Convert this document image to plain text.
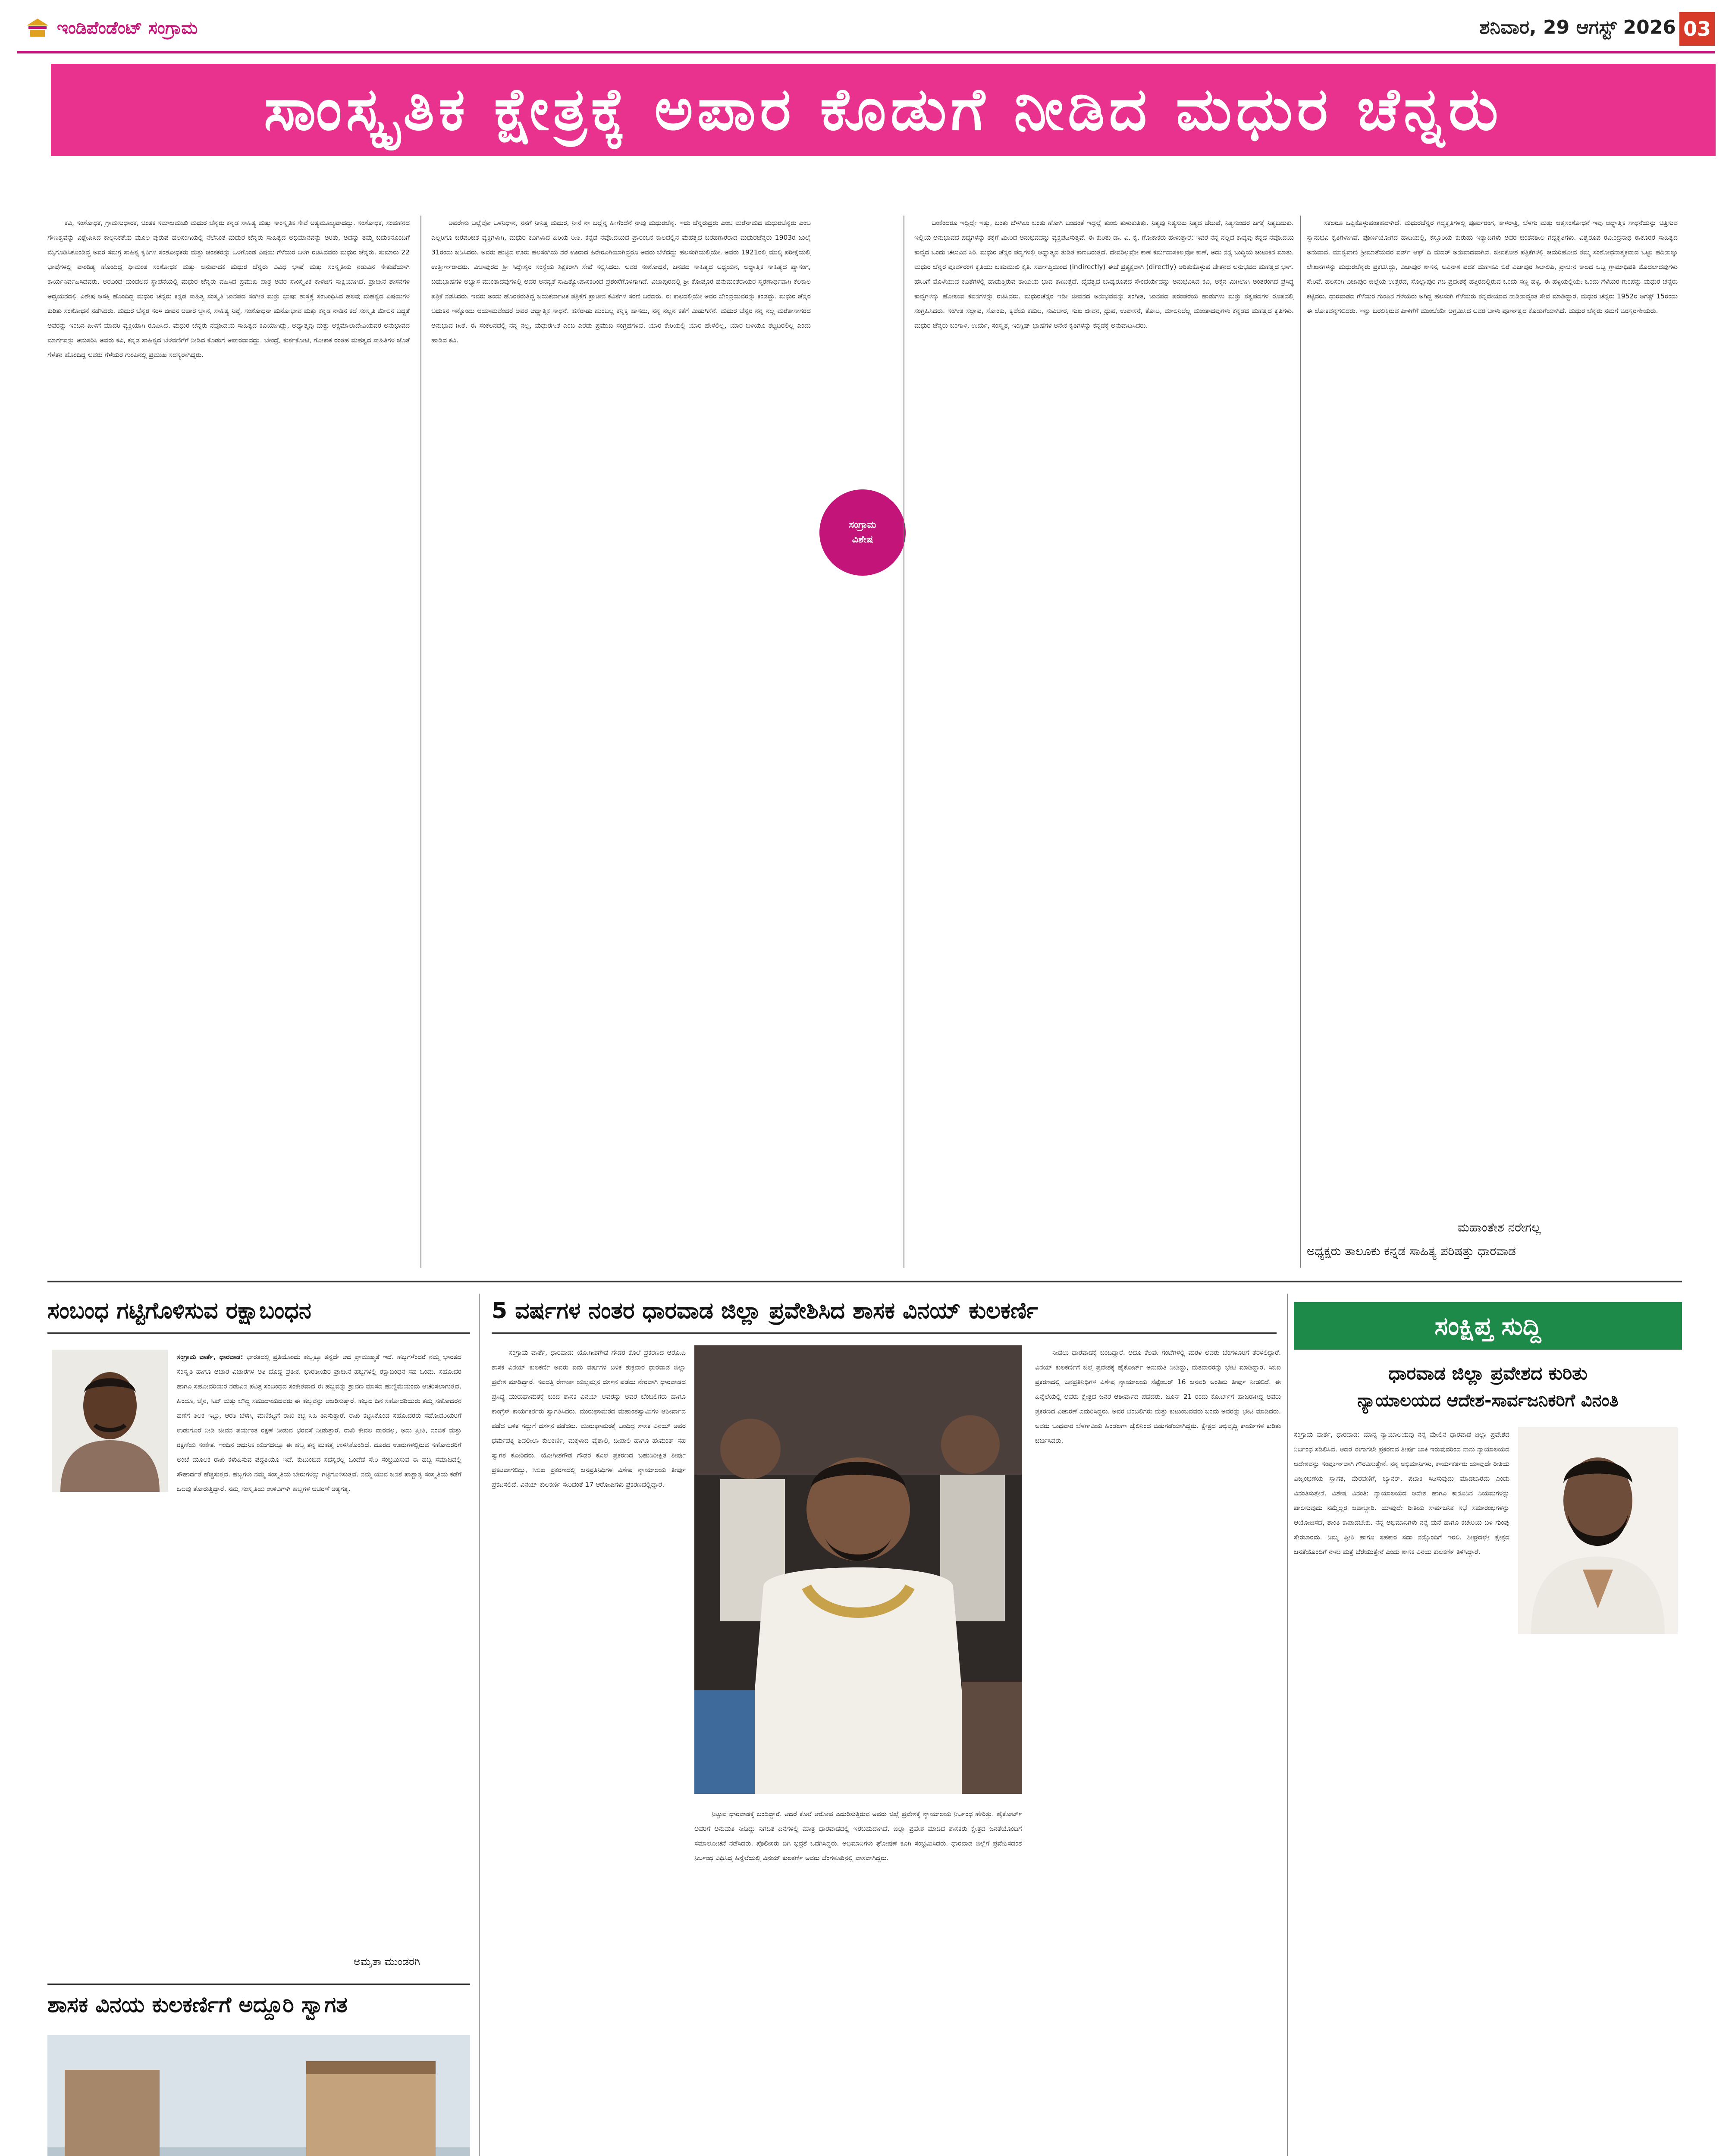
ಇಂಡಿಪೆಂಡೆಂಟ್ ಸಂಗ್ರಾಮ	ಶನಿವಾರ, 29 ಆಗಸ್ಟ್ 2026 03
ಸಾಂಸ್ಕೃತಿಕ ಕ್ಷೇತ್ರಕ್ಕೆ ಅಪಾರ ಕೊಡುಗೆ ನೀಡಿದ ಮಧುರ ಚೆನ್ನರು

ಕವಿ, ಸಂಶೋಧಕ, ಗ್ರಾಮಸುಧಾರಕ, ಚಿಂತಕ ಸಮಾಜಮುಖಿ ಮಧುರ ಚೆನ್ನರು ಕನ್ನಡ ಸಾಹಿತ್ಯ ಮತ್ತು ಸಾಂಸ್ಕೃತಿಕ ಸೇವೆ ಅತ್ಯಮೂಲ್ಯವಾದದ್ದು. ಸಂಶೋಧಕ, ಸಂವಹನದ ಗೌಣತ್ವವನ್ನು ವಿಶ್ಲೇಷಿಸಿದ ಕಾಲ್ಪನಿಕತೆಯ ಮೂಲ ಪುರುಷ ಹಲಸಂಗಿಯಲ್ಲಿ ನೆಲೆನಿಂತ ಮಧುರ ಚೆನ್ನರು ಸಾಹಿತ್ಯದ ಅಭಿಮಾನವನ್ನು ಅರಿತು, ಅದನ್ನು ತಮ್ಮ ಬದುಕಿನೊಂದಿಗೆ ಮೈಗೂಡಿಸಿಕೊಂಡಿದ್ದ ಅವರ ಸಮಗ್ರ ಸಾಹಿತ್ಯ ಕೃತಿಗಳ ಸಂಶೋಧಕರು ಮತ್ತು ಚಿಂತಕರನ್ನು ಒಳಗೊಂಡ ವಿಷಯ ಗೆಳೆಯರ ಬಳಗ ರಚಿಸಿದವರು ಮಧುರ ಚೆನ್ನರು. ಸುಮಾರು 22 ಭಾಷೆಗಳಲ್ಲಿ ಪಾಂಡಿತ್ಯ ಹೊಂದಿದ್ದ ಧೀಮಂತ ಸಂಶೋಧಕ ಮತ್ತು ಅನುವಾದಕ ಮಧುರ ಚೆನ್ನರು ವಿವಿಧ ಭಾಷೆ ಮತ್ತು ಸಂಸ್ಕೃತಿಯ ನಡುವಿನ ಸೇತುವೆಯಾಗಿ ಕಾರ್ಯನಿರ್ವಹಿಸಿದವರು. ಅರವಿಂದ ಮಂಡಲದ ಸ್ಥಾಪನೆಯಲ್ಲಿ ಮಧುರ ಚೆನ್ನರು ವಹಿಸಿದ ಪ್ರಮುಖ ಪಾತ್ರ ಅವರ ಸಾಂಸ್ಕೃತಿಕ ಕಾಳಜಿಗೆ ಸಾಕ್ಷಿಯಾಗಿದೆ. ಪ್ರಾಚೀನ ಶಾಸನಗಳ ಅಧ್ಯಯನದಲ್ಲಿ ವಿಶೇಷ ಆಸಕ್ತಿ ಹೊಂದಿದ್ದ ಮಧುರ ಚೆನ್ನರು ಕನ್ನಡ ಸಾಹಿತ್ಯ ಸಂಸ್ಕೃತಿ ಜಾನಪದ ಸಂಗೀತ ಮತ್ತು ಭಾಷಾ ಶಾಸ್ತ್ರಕ್ಕೆ ಸಂಬಂಧಿಸಿದ ಹಲವು ಮಹತ್ವದ ವಿಷಯಗಳ ಕುರಿತು ಸಂಶೋಧನೆ ನಡೆಸಿದರು. ಮಧುರ ಚೆನ್ನರ ಸರಳ ಜೀವನ ಅಪಾರ ಜ್ಞಾನ, ಸಾಹಿತ್ಯ ನಿಷ್ಠೆ, ಸಂಶೋಧನಾ ಮನೋಭಾವ ಮತ್ತು ಕನ್ನಡ ನಾಡಿನ ಕಲೆ ಸಂಸ್ಕೃತಿ ಮೇಲಿನ ಬದ್ಧತೆ ಅವರನ್ನು ಇಂದಿನ ಪೀಳಿಗೆ ಮಾದರಿ ವ್ಯಕ್ತಿಯಾಗಿ ರೂಪಿಸಿದೆ. ಮಧುರ ಚೆನ್ನರು ನವೋದಯ ಸಾಹಿತ್ಯದ ಕವಿಯಾಗಿದ್ದು, ಅಧ್ಯಾತ್ಮವು ಮತ್ತು ಅಕ್ಷಮಾಲಾದೇವಿಯವರ ಅನುಭಾವದ ಮಾರ್ಗವನ್ನು ಅನುಸರಿಸಿ ಅವರು ಕವಿ, ಕನ್ನಡ ಸಾಹಿತ್ಯದ ಬೆಳವಣಿಗೆಗೆ ನೀಡಿದ ಕೊಡುಗೆ ಅಪಾರವಾದದ್ದು. ಬೇಂದ್ರೆ, ಕುರ್ತಕೋಟಿ, ಗೋಕಾಕ ರಂತಹ ಮಹತ್ವದ ಸಾಹಿತಿಗಳ ಜೊತೆ ಗೆಳೆತನ ಹೊಂದಿದ್ದ ಅವರು ಗೆಳೆಯರ ಗುಂಪಿನಲ್ಲಿ ಪ್ರಮುಖ ಸದಸ್ಯರಾಗಿದ್ದರು.

ಅವರೇನು ಬಲ್ಲೆವೋ ಒಳನಿಧಾನ, ನನಗೆ ನೀನಿತ್ತ ಮಧುರ, ನೀನೆ ನಾ ಬಲ್ಲೆನ್ನ ಹೀಗೆಂದೆನೆ ನಾವು ಮಧುರಚೆನ್ನ. ಇದು ಚೆನ್ನರುದ್ರರು ಎಂಬ ಮರೆನಾಮದ ಮಧುರಚೆನ್ನರು ಎಂಬ ಎಲ್ಲರಿಗೂ ಚಿರಪರಿಚಿತ ವ್ಯಕ್ತಿಗಳಾಗಿ, ಮಧುರ ಕವಿಗಳಾದ ಹಿರಿಯ ರೀತಿ. ಕನ್ನಡ ನವೋದಯದ ಪ್ರಾರಂಭಿಕ ಕಾಲದಲ್ಲಿನ ಮಹತ್ವದ ಬರಹಗಾರರಾದ ಮಧುರಚೆನ್ನರು 1903ರ ಜುಲೈ 31ರಂದು ಜನಿಸಿದರು. ಅವರು ಹುಟ್ಟಿದ ಊರು ಹಲಸಂಗಿಯ ನೆರೆ ಊರಾದ ಹಿರೇರೂಗಿಯಾಗಿದ್ದರೂ ಅವರು ಬೆಳೆದದ್ದು ಹಲಸಂಗಿಯಲ್ಲಿಯೇ. ಅವರು 1921ರಲ್ಲಿ ಮುಲ್ಕಿ ಪರೀಕ್ಷೆಯಲ್ಲಿ ಉತ್ತೀರ್ಣರಾದರು. ವಿಜಾಪುರದ ಶ್ರೀ ಸಿದ್ದೇಶ್ವರ ಸಂಸ್ಥೆಯ ಶಿಕ್ಷಕರಾಗಿ ಸೇವೆ ಸಲ್ಲಿಸಿದರು. ಅವರ ಸಂಶೋಧನೆ, ಜನಪದ ಸಾಹಿತ್ಯದ ಅಧ್ಯಯನ, ಅಧ್ಯಾತ್ಮಿಕ ಸಾಹಿತ್ಯದ ವ್ಯಾಸಂಗ, ಬಹುಭಾಷೆಗಳ ಅಭ್ಯಾಸ ಮುಂತಾದವುಗಳಲ್ಲಿ ಅವರ ಅನನ್ಯತೆ ಸಾಹಿತ್ಯೋಪಾಸಕರಿಂದ ಪ್ರಶಂಸೆಗೊಳಗಾಗಿದೆ. ವಿಜಾಪುರದಲ್ಲಿ ಶ್ರೀ ಕೋಷ್ಠೂರ ಹನುಮಂತರಾಯರ ಸ್ಮರಣಾರ್ಥವಾಗಿ ಕೆಲಕಾಲ ಪತ್ರಿಕೆ ನಡೆಸಿದರು. ಇವರು ಅಂದು ಹೊರತರುತ್ತಿದ್ದ ಜಯಕರ್ನಾಟಕ ಪತ್ರಿಕೆಗೆ ಪ್ರಾಚೀನ ಕವಿತೆಗಳ ಸರಣಿ ಬರೆದರು. ಈ ಕಾಲದಲ್ಲಿಯೇ ಅವರ ಬೇಂದ್ರೆಯವರನ್ನು ಕಂಡದ್ದು. ಮಧುರ ಚೆನ್ನರ ಬದುಕಿನ ಇನ್ನೊಂದು ಆಯಾಮವೆಂದರೆ ಅವರ ಆಧ್ಯಾತ್ಮಿಕ ಸಾಧನೆ. ಹಸೆರಾಡು ಹುಂಬಲ್ಲ ಕನ್ನಿಕ್ಕ ಹಾಸದು, ನನ್ನ ನಲ್ಲನ ಕತೆಗೆ ಮಿಡುಗಿಸೆನೆ. ಮಧುರ ಚೆನ್ನರ ನನ್ನ ನಲ್ಲ ಮರೆತಾಸಾಗರದ ಅನುಭಾವ ಗೀತೆ. ಈ ಸಂಕಲನದಲ್ಲಿ ನನ್ನ ನಲ್ಲ, ಮಧುರಗೀತ ಎಂಬ ಎರಡು ಪ್ರಮುಖ ಸಂಗ್ರಹಗಳಿವೆ. ಯಾರ ಕೇರಿಯಲ್ಲಿ ಯಾರ ಹೇಳಲಿಲ್ಲ, ಯಾರ ಬಳಿಯೂ ತಟ್ಟದಿರಲಿಲ್ಲ ಎಂದು ಹಾಡಿದ ಕವಿ.

ಬಂಕೆಂದರೂ ಇದ್ದಿದ್ದೇ ಇತ್ತು, ಬಂತು ಬೆಳಗಿಲು ಬಂತು ಹೋಗಿ ಬಂದಂತೆ ಇದ್ದಲ್ಲೆ ತುಂಬಿ ತುಳುಕುತಿತ್ತು. ನಿತ್ಯವು ನಿತ್ಯಸುಖ ನಿತ್ಯದ ಚೆಲುವೆ, ನಿತ್ಯಸುಂದರ ಜಗಕ್ಕೆ ನಿತ್ಯಬದುಕು. ಇಲ್ಲಿಯ ಅನುಭಾವದ ಪದ್ಯಗಳನ್ನು ತಕ್ಕೆಗೆ ಮೀರಿದ ಅನುಭವವನ್ನು ವ್ಯಕ್ತಪಡಿಸುತ್ತವೆ. ಈ ಕುರಿತು ಡಾ. ವಿ. ಕೃ. ಗೋಕಾಕರು ಹೇಳುತ್ತಾರೆ: ಇವರ ನನ್ನ ನಲ್ಲದ ಕಾವ್ಯವು ಕನ್ನಡ ನವೋದಯ ಕಾವ್ಯದ ಒಂದು ಚೆಲುವಿನ ಸಿರಿ. ಮಧುರ ಚೆನ್ನರ ಪದ್ಯಗಳಲ್ಲಿ ಆಧ್ಯಾತ್ಮದ ತುಡಿತ ಕಾಣಬರುತ್ತದೆ. ದೇವರಿಲ್ಲವೋ ಕಾಣೆ ಕರ್ಮದಾಸಕಿಲ್ಲವೋ ಕಾಣೆ, ಅದು ನನ್ನ ಬುದ್ಧಿಯ ಚುಟುಕಿನ ಮಾತು. ಮಧುರ ಚೆನ್ನರ ಪೂರ್ವರಂಗ ಕೃತಿಯು ಬಹುಮುಖಿ ಕೃತಿ. ಸರ್ವಾಪ್ತಿಯಿಂದ (indirectly) ಈಚೆ ಪ್ರತ್ಯಕ್ಷವಾಗಿ (directly) ಅರಿತುಕೊಳ್ಳುವ ಚೇತನದ ಅನುಭವದ ಮಹತ್ವದ ಭಾಗ. ಹಸಿರಿಗೆ ಮೊಳೆಯುವ ಕವಿತೆಗಳಲ್ಲಿ ಹಾಡುತ್ತಿರುವ ತಾಯಿಯ ಭಾವ ಕಾಣುತ್ತದೆ. ದೈವತ್ವದ ಬಾಹ್ಯರೂಪದ ಸೌಂದರ್ಯವನ್ನು ಅನುಭವಿಸಿದ ಕವಿ, ಅಕ್ಕನ ಮಿಗಿಲಾಗಿ ಅಂತರಂಗದ ಪ್ರಸಿದ್ಧ ಕಾವ್ಯಗಳನ್ನು ಹೋಲುವ ಕವನಗಳನ್ನು ರಚಿಸಿದರು. ಮಧುರಚೆನ್ನರ ಇಡೀ ಜೀವನದ ಅನುಭವವನ್ನು ಸಂಗೀತ, ಜಾನಪದ ಪರಂಪರೆಯ ಹಾಡುಗಳು ಮತ್ತು ತತ್ವಪದಗಳ ರೂಪದಲ್ಲಿ ಸಂಗ್ರಹಿಸಿದರು. ಸಂಗೀತ ಸಲ್ಲಾಪ, ಸೋಂಕು, ಕೃಪೆಯ ಕಮಲ, ಸುವಿಚಾರ, ಸುಖ ಜೀವನ, ಧ್ರುವ, ಉಪಾಸನೆ, ತೋಟ, ಮಾಲಿನಿಲೆಲ್ಲ ಮುಂತಾದವುಗಳು ಕನ್ನಡದ ಮಹತ್ವದ ಕೃತಿಗಳು. ಮಧುರ ಚೆನ್ನರು ಬಂಗಾಳಿ, ಉರ್ದು, ಸಂಸ್ಕೃತ, ಇಂಗ್ಲಿಷ್ ಭಾಷೆಗಳ ಅನೇಕ ಕೃತಿಗಳನ್ನು ಕನ್ನಡಕ್ಕೆ ಅನುವಾದಿಸಿದರು.

ಸಕಲರೂ ಒಪ್ಪಿಕೊಳ್ಳುವಂತಹದಾಗಿದೆ. ಮಧುರಚೆನ್ನರ ಗದ್ಯಕೃತಿಗಳಲ್ಲಿ ಪೂರ್ವರಂಗ, ಕಾಳರಾತ್ರಿ, ಬೆಳಗು ಮತ್ತು ಆತ್ಮಸಂಶೋಧನೆ ಇವು ಆಧ್ಯಾತ್ಮಿಕ ಸಾಧನೆಯನ್ನು ಚಿತ್ರಿಸುವ ಸ್ವಾನುಭವಿ ಕೃತಿಗಳಾಗಿವೆ. ಪೂರ್ಣಯೋಗದ ಹಾದಿಯಲ್ಲಿ, ಕಸ್ತೂರಿಯ ಕುರುಹು ಇತ್ಯಾದಿಗಳು ಅವರ ಚಿಂತನಶೀಲ ಗದ್ಯಕೃತಿಗಳು. ವಿಶ್ವರೂಪ ರವೀಂದ್ರನಾಥ ಠಾಕೂರರ ಸಾಹಿತ್ಯದ ಅನುವಾದ. ಮಾತೃವಾಣಿ ಶ್ರೀಮಾತೆಯವರ ವರ್ಡ್ ಆಫ್ ದಿ ಮದರ್ ಅನುವಾದವಾಗಿದೆ. ಜೀವಕೋಶ ಪತ್ರಿಕೆಗಳಲ್ಲಿ ಚದುರಿಹೋದ ತಮ್ಮ ಸಂಶೋಧನಾತ್ಮಕವಾದ ಒಟ್ಟು ಹದಿನಾಲ್ಕು ಲೇಖನಗಳನ್ನು ಮಧುರಚೆನ್ನರು ಪ್ರಕಟಿಸಿದ್ದು, ವಿಜಾಪುರ ಶಾಸನ, ಅವಿನಾಶ ಪದಕ ಮಹಾಕವಿ ಬಿರೆ ವಿಜಾಪುರ ಶಿಲಾಲಿಪಿ, ಪ್ರಾಚೀನ ಕಾಲದ ಒಬ್ಬ ಗ್ರಾಮಾಧಿಪತಿ ಮೊದಲಾದವುಗಳು ಸೇರಿವೆ. ಹಲಸಂಗಿ ವಿಜಾಪುರ ಜಿಲ್ಲೆಯ ಉತ್ತರದ, ಸೊಲ್ಲಾಪುರ ಗಡಿ ಪ್ರದೇಶಕ್ಕೆ ಹತ್ತಿರದಲ್ಲಿರುವ ಒಂದು ಸಣ್ಣ ಹಳ್ಳಿ. ಈ ಹಳ್ಳಿಯಲ್ಲಿಯೇ ಒಂದು ಗೆಳೆಯರ ಗುಂಪನ್ನು ಮಧುರ ಚೆನ್ನರು ಕಟ್ಟಿದರು. ಧಾರವಾಡದ ಗೆಳೆಯರ ಗುಂಪಿನ ಗೆಳೆಯರು ಅಗಿದ್ದ ಹಲಸಂಗಿ ಗೆಳೆಯರು ತನ್ನದೇಯಾದ ನಾಡಿನಾದ್ಯಂತ ಸೇವೆ ಮಾಡಿದ್ದಾರೆ. ಮಧುರ ಚೆನ್ನರು 1952ರ ಆಗಸ್ಟ್ 15ರಂದು ಈ ಲೋಕವನ್ನಗಲಿದರು. ಇನ್ನು ಬರಲಿಕ್ಕಿರುವ ಪೀಳಿಗೆಗೆ ಮುಂಚೆಯೇ ಅಗ್ರಮಿಸಿದ ಅವರ ಬಾಳು ಪೂರ್ಣತ್ವದ ಕೊಡುಗೆಯಾಗಿದೆ. ಮಧುರ ಚೆನ್ನರು ನಮಗೆ ಚಿರಸ್ಮರಣೀಯರು.

ಸಂಗ್ರಾಮ
ವಿಶೇಷ
ಮಹಾಂತೇಶ ನರೇಗಲ್ಲ
ಅಧ್ಯಕ್ಷರು ತಾಲೂಕು ಕನ್ನಡ ಸಾಹಿತ್ಯ ಪರಿಷತ್ತು ಧಾರವಾಡ
ಸಂಬಂಧ ಗಟ್ಟಿಗೊಳಿಸುವ ರಕ್ಷಾಬಂಧನ
ಸಂಗ್ರಾಮ ವಾರ್ತೆ, ಧಾರವಾಡ: ಭಾರತದಲ್ಲಿ ಪ್ರತಿಯೊಂದು ಹಬ್ಬಕ್ಕೂ ತನ್ನದೇ ಆದ ಪ್ರಾಮುಖ್ಯತೆ ಇದೆ. ಹಬ್ಬಗಳೆಂದರೆ ನಮ್ಮ ಭಾರತದ ಸಂಸ್ಕೃತಿ ಹಾಗೂ ಆಚಾರ ವಿಚಾರಗಳ ಅತಿ ದೊಡ್ಡ ಪ್ರತೀಕ. ಭಾರತೀಯರ ಪ್ರಾಚೀನ ಹಬ್ಬಗಳಲ್ಲಿ ರಕ್ಷಾಬಂಧನ ಸಹ ಒಂದು. ಸಹೋದರ ಹಾಗೂ ಸಹೋದರಿಯರ ನಡುವಿನ ಪವಿತ್ರ ಸಂಬಂಧದ ಸಂಕೇತವಾದ ಈ ಹಬ್ಬವನ್ನು ಶ್ರಾವಣ ಮಾಸದ ಹುಣ್ಣಿಮೆಯಂದು ಆಚರಿಸಲಾಗುತ್ತದೆ. ಹಿಂದೂ, ಜೈನ, ಸಿಖ್ ಮತ್ತು ಬೌದ್ಧ ಸಮುದಾಯದವರು ಈ ಹಬ್ಬವನ್ನು ಆಚರಿಸುತ್ತಾರೆ. ಹಬ್ಬದ ದಿನ ಸಹೋದರಿಯರು ತಮ್ಮ ಸಹೋದರನ ಹಣೆಗೆ ತಿಲಕ ಇಟ್ಟು, ಆರತಿ ಬೆಳಗಿ, ಮಣಿಕಟ್ಟಿಗೆ ರಾಖಿ ಕಟ್ಟಿ ಸಿಹಿ ತಿನಿಸುತ್ತಾರೆ. ರಾಖಿ ಕಟ್ಟಿಸಿಕೊಂಡ ಸಹೋದರರು ಸಹೋದರಿಯರಿಗೆ ಉಡುಗೊರೆ ನೀಡಿ ಜೀವನ ಪರ್ಯಂತ ರಕ್ಷಣೆ ನೀಡುವ ಭರವಸೆ ನೀಡುತ್ತಾರೆ. ರಾಖಿ ಕೇವಲ ದಾರವಲ್ಲ, ಅದು ಪ್ರೀತಿ, ನಂಬಿಕೆ ಮತ್ತು ರಕ್ಷಣೆಯ ಸಂಕೇತ. ಇಂದಿನ ಆಧುನಿಕ ಯುಗದಲ್ಲೂ ಈ ಹಬ್ಬ ತನ್ನ ಮಹತ್ವ ಉಳಿಸಿಕೊಂಡಿದೆ. ದೂರದ ಊರುಗಳಲ್ಲಿರುವ ಸಹೋದರರಿಗೆ ಅಂಚೆ ಮೂಲಕ ರಾಖಿ ಕಳುಹಿಸುವ ಪದ್ಧತಿಯೂ ಇದೆ. ಕುಟುಂಬದ ಸದಸ್ಯರೆಲ್ಲ ಒಂದೆಡೆ ಸೇರಿ ಸಂಭ್ರಮಿಸುವ ಈ ಹಬ್ಬ ಸಮಾಜದಲ್ಲಿ ಸೌಹಾರ್ದತೆ ಹೆಚ್ಚಿಸುತ್ತದೆ. ಹಬ್ಬಗಳು ನಮ್ಮ ಸಂಸ್ಕೃತಿಯ ಬೇರುಗಳನ್ನು ಗಟ್ಟಿಗೊಳಿಸುತ್ತವೆ. ನಮ್ಮ ಯುವ ಜನತೆ ಪಾಶ್ಚಾತ್ಯ ಸಂಸ್ಕೃತಿಯ ಕಡೆಗೆ ಒಲವು ತೋರುತ್ತಿದ್ದಾರೆ. ನಮ್ಮ ಸಂಸ್ಕೃತಿಯ ಉಳಿವಿಗಾಗಿ ಹಬ್ಬಗಳ ಆಚರಣೆ ಅತ್ಯಗತ್ಯ.
ಅಮೃತಾ ಮುಂಡರಗಿ
ಶಾಸಕ ವಿನಯ ಕುಲಕರ್ಣಿಗೆ ಅದ್ದೂರಿ ಸ್ವಾಗತ

5 ವರ್ಷಗಳ ನಂತರ ಧಾರವಾಡ ಜಿಲ್ಲಾ ಪ್ರವೇಶಿಸಿದ ಶಾಸಕ ವಿನಯ್ ಕುಲಕರ್ಣಿ

ಸಂಗ್ರಾಮ ವಾರ್ತೆ, ಧಾರವಾಡ: ಯೋಗೀಶಗೌಡ ಗೌಡರ ಕೊಲೆ ಪ್ರಕರಣದ ಆರೋಪಿ ಶಾಸಕ ವಿನಯ್ ಕುಲಕರ್ಣಿ ಅವರು ಐದು ವರ್ಷಗಳ ಬಳಿಕ ಶುಕ್ರವಾರ ಧಾರವಾಡ ಜಿಲ್ಲಾ ಪ್ರವೇಶ ಮಾಡಿದ್ದಾರೆ. ಸವದತ್ತಿ ರೇಣುಕಾ ಯಲ್ಲಮ್ಮನ ದರ್ಶನ ಪಡೆದು ನೇರವಾಗಿ ಧಾರವಾಡದ ಪ್ರಸಿದ್ಧ ಮುರುಘಾಮಠಕ್ಕೆ ಬಂದ ಶಾಸಕ ವಿನಯ್ ಅವರನ್ನು ಅವರ ಬೆಂಬಲಿಗರು ಹಾಗೂ ಕಾಂಗ್ರೆಸ್ ಕಾರ್ಯಕರ್ತರು ಸ್ವಾಗತಿಸಿದರು. ಮುರುಘಾಮಠದ ಮಹಾಂತಸ್ವಾಮಿಗಳ ಆಶೀರ್ವಾದ ಪಡೆದ ಬಳಿಕ ಗದ್ದುಗೆ ದರ್ಶನ ಪಡೆದರು. ಮುರುಘಾಮಠಕ್ಕೆ ಬಂದಿದ್ದ ಶಾಸಕ ವಿನಯ್ ಅವರ ಧರ್ಮಪತ್ನಿ ಶಿವಲೀಲಾ ಕುಲಕರ್ಣಿ, ಮಕ್ಕಳಾದ ವೈಶಾಲಿ, ದೀಪಾಲಿ ಹಾಗೂ ಹೇಮಂತ್ ಸಹ ಸ್ವಾಗತ ಕೋರಿದರು. ಯೋಗೀಶಗೌಡ ಗೌಡರ ಕೊಲೆ ಪ್ರಕರಣದ ಬಹುನಿರೀಕ್ಷಿತ ತೀರ್ಪು ಪ್ರಕಟವಾಗಲಿದ್ದು, ಸಿಬಿಐ ಪ್ರಕರಣದಲ್ಲಿ ಜನಪ್ರತಿನಿಧಿಗಳ ವಿಶೇಷ ನ್ಯಾಯಾಲಯ ತೀರ್ಪು ಪ್ರಕಟಿಸಲಿದೆ. ವಿನಯ್ ಕುಲಕರ್ಣಿ ಸೇರಿದಂತೆ 17 ಆರೋಪಿಗಳು ಪ್ರಕರಣದಲ್ಲಿದ್ದಾರೆ.

ನಿಟ್ಟುವ ಧಾರವಾಡಕ್ಕೆ ಬಂದಿದ್ದಾರೆ. ಆದರೆ ಕೊಲೆ ಆರೋಪ ಎದುರಿಸುತ್ತಿರುವ ಅವರು ಜಿಲ್ಲೆ ಪ್ರವೇಶಕ್ಕೆ ನ್ಯಾಯಾಲಯ ನಿರ್ಬಂಧ ಹೇರಿತ್ತು. ಹೈಕೋರ್ಟ್ ಅವರಿಗೆ ಅನುಮತಿ ನೀಡಿದ್ದು ನಿಗದಿತ ದಿನಗಳಲ್ಲಿ ಮಾತ್ರ ಧಾರವಾಡದಲ್ಲಿ ಇರಬಹುದಾಗಿದೆ. ಜಿಲ್ಲಾ ಪ್ರವೇಶ ಮಾಡಿದ ಶಾಸಕರು ಕ್ಷೇತ್ರದ ಜನತೆಯೊಂದಿಗೆ ಸಮಾಲೋಚನೆ ನಡೆಸಿದರು. ಪೊಲೀಸರು ಬಿಗಿ ಭದ್ರತೆ ಒದಗಿಸಿದ್ದರು. ಅಭಿಮಾನಿಗಳು ಘೋಷಣೆ ಕೂಗಿ ಸಂಭ್ರಮಿಸಿದರು. ಧಾರವಾಡ ಜಿಲ್ಲೆಗೆ ಪ್ರವೇಶಿಸದಂತೆ ನಿರ್ಬಂಧ ವಿಧಿಸಿದ್ದ ಹಿನ್ನೆಲೆಯಲ್ಲಿ ವಿನಯ್ ಕುಲಕರ್ಣಿ ಅವರು ಬೆಂಗಳೂರಿನಲ್ಲಿ ವಾಸವಾಗಿದ್ದರು.

ನೀಡಲು ಧಾರವಾಡಕ್ಕೆ ಬಂದಿದ್ದಾರೆ. ಅದೂ ಕೆಲವೇ ಗಂಟೆಗಳಲ್ಲಿ ಮರಳಿ ಅವರು ಬೆಂಗಳೂರಿಗೆ ತೆರಳಲಿದ್ದಾರೆ. ವಿನಯ್ ಕುಲಕರ್ಣಿಗೆ ಜಿಲ್ಲೆ ಪ್ರವೇಶಕ್ಕೆ ಹೈಕೋರ್ಟ್ ಅನುಮತಿ ನೀಡಿದ್ದು, ಮತದಾರರನ್ನು ಭೇಟಿ ಮಾಡಿದ್ದಾರೆ. ಸಿಬಿಐ ಪ್ರಕರಣದಲ್ಲಿ ಜನಪ್ರತಿನಿಧಿಗಳ ವಿಶೇಷ ನ್ಯಾಯಾಲಯ ಸೆಪ್ಟೆಂಬರ್ 16 ಜನವರಿ ಅಂತಿಮ ತೀರ್ಪು ನೀಡಲಿದೆ. ಈ ಹಿನ್ನೆಲೆಯಲ್ಲಿ ಅವರು ಕ್ಷೇತ್ರದ ಜನರ ಆಶೀರ್ವಾದ ಪಡೆದರು. ಜೂನ್ 21 ರಂದು ಕೋರ್ಟ್‌ಗೆ ಹಾಜರಾಗಿದ್ದ ಅವರು ಪ್ರಕರಣದ ವಿಚಾರಣೆ ಎದುರಿಸಿದ್ದರು. ಅವರ ಬೆಂಬಲಿಗರು ಮತ್ತು ಕುಟುಂಬದವರು ಬಂದು ಅವರನ್ನು ಭೇಟಿ ಮಾಡಿದರು. ಅವರು ಬುಧವಾರ ಬೆಳಗಾವಿಯ ಹಿಂಡಲಗಾ ಜೈಲಿನಿಂದ ಬಿಡುಗಡೆಯಾಗಿದ್ದರು. ಕ್ಷೇತ್ರದ ಅಭಿವೃದ್ಧಿ ಕಾರ್ಯಗಳ ಕುರಿತು ಚರ್ಚಿಸಿದರು.

ಸಂಕ್ಷಿಪ್ತ ಸುದ್ದಿ
ಧಾರವಾಡ ಜಿಲ್ಲಾ ಪ್ರವೇಶದ ಕುರಿತು
ನ್ಯಾಯಾಲಯದ ಆದೇಶ-ಸಾರ್ವಜನಿಕರಿಗೆ ವಿನಂತಿ
ಸಂಗ್ರಾಮ ವಾರ್ತೆ, ಧಾರವಾಡ: ಮಾನ್ಯ ನ್ಯಾಯಾಲಯವು ನನ್ನ ಮೇಲಿನ ಧಾರವಾಡ ಜಿಲ್ಲಾ ಪ್ರವೇಶದ ನಿರ್ಬಂಧ ಸಡಿಲಿಸಿದೆ. ಆದರೆ ಈಗಾಗಲೇ ಪ್ರಕರಣದ ತೀರ್ಪು ಬಾಕಿ ಇರುವುದರಿಂದ ನಾನು ನ್ಯಾಯಾಲಯದ ಆದೇಶವನ್ನು ಸಂಪೂರ್ಣವಾಗಿ ಗೌರವಿಸುತ್ತೇನೆ. ನನ್ನ ಅಭಿಮಾನಿಗಳು, ಕಾರ್ಯಕರ್ತರು ಯಾವುದೇ ರೀತಿಯ ವಿಜೃಂಭಣೆಯ ಸ್ವಾಗತ, ಮೆರವಣಿಗೆ, ಬ್ಯಾನರ್, ಪಟಾಕಿ ಸಿಡಿಸುವುದು ಮಾಡಬಾರದು ಎಂದು ವಿನಂತಿಸುತ್ತೇನೆ. ವಿಶೇಷ ವಿನಂತಿ: ನ್ಯಾಯಾಲಯದ ಆದೇಶ ಹಾಗೂ ಕಾನೂನಿನ ನಿಯಮಗಳನ್ನು ಪಾಲಿಸುವುದು ನಮ್ಮೆಲ್ಲರ ಜವಾಬ್ದಾರಿ. ಯಾವುದೇ ರೀತಿಯ ಸಾರ್ವಜನಿಕ ಸಭೆ ಸಮಾರಂಭಗಳನ್ನು ಆಯೋಜಿಸದೆ, ಶಾಂತಿ ಕಾಪಾಡಬೇಕು. ನನ್ನ ಅಭಿಮಾನಿಗಳು ನನ್ನ ಮನೆ ಹಾಗೂ ಕಚೇರಿಯ ಬಳಿ ಗುಂಪು ಸೇರಬಾರದು. ನಿಮ್ಮ ಪ್ರೀತಿ ಹಾಗೂ ಸಹಕಾರ ಸದಾ ನನ್ನೊಂದಿಗೆ ಇರಲಿ. ಶೀಘ್ರದಲ್ಲೇ ಕ್ಷೇತ್ರದ ಜನತೆಯೊಂದಿಗೆ ನಾನು ಮತ್ತೆ ಬೆರೆಯುತ್ತೇನೆ ಎಂದು ಶಾಸಕ ವಿನಯ ಕುಲಕರ್ಣಿ ತಿಳಿಸಿದ್ದಾರೆ.
